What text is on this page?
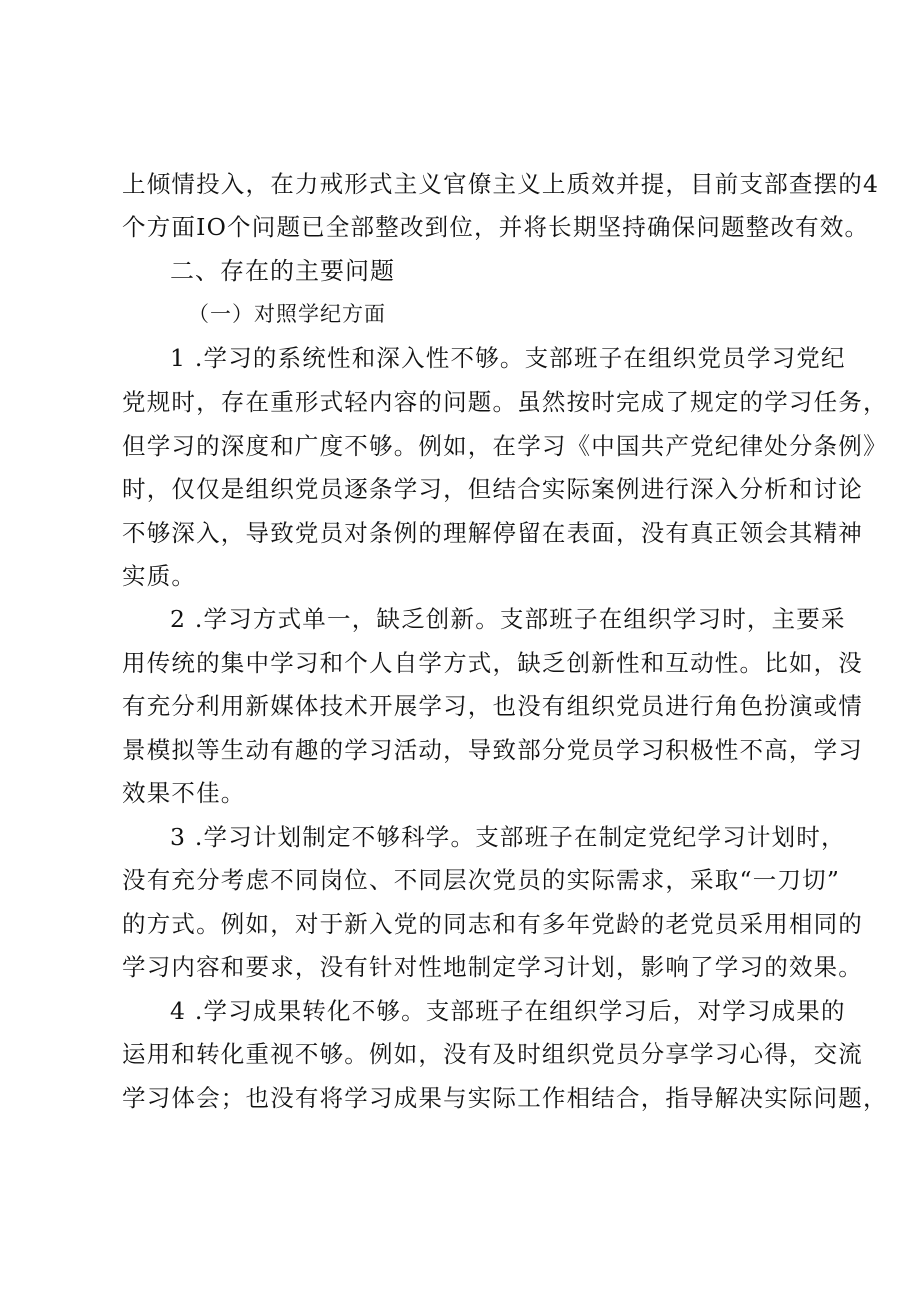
上倾情投入，在力戒形式主义官僚主义上质效并提，目前支部查摆的4
个方面IO个问题已全部整改到位，并将长期坚持确保问题整改有效。
二、存在的主要问题
（一）对照学纪方面
1 .学习的系统性和深入性不够。支部班子在组织党员学习党纪
党规时，存在重形式轻内容的问题。虽然按时完成了规定的学习任务，
但学习的深度和广度不够。例如，在学习《中国共产党纪律处分条例》
时，仅仅是组织党员逐条学习，但结合实际案例进行深入分析和讨论
不够深入，导致党员对条例的理解停留在表面，没有真正领会其精神
实质。
2 .学习方式单一，缺乏创新。支部班子在组织学习时，主要采
用传统的集中学习和个人自学方式，缺乏创新性和互动性。比如，没
有充分利用新媒体技术开展学习，也没有组织党员进行角色扮演或情
景模拟等生动有趣的学习活动，导致部分党员学习积极性不高，学习
效果不佳。
3 .学习计划制定不够科学。支部班子在制定党纪学习计划时，
没有充分考虑不同岗位、不同层次党员的实际需求，采取“一刀切”
的方式。例如，对于新入党的同志和有多年党龄的老党员采用相同的
学习内容和要求，没有针对性地制定学习计划，影响了学习的效果。
4 .学习成果转化不够。支部班子在组织学习后，对学习成果的
运用和转化重视不够。例如，没有及时组织党员分享学习心得，交流
学习体会；也没有将学习成果与实际工作相结合，指导解决实际问题，
